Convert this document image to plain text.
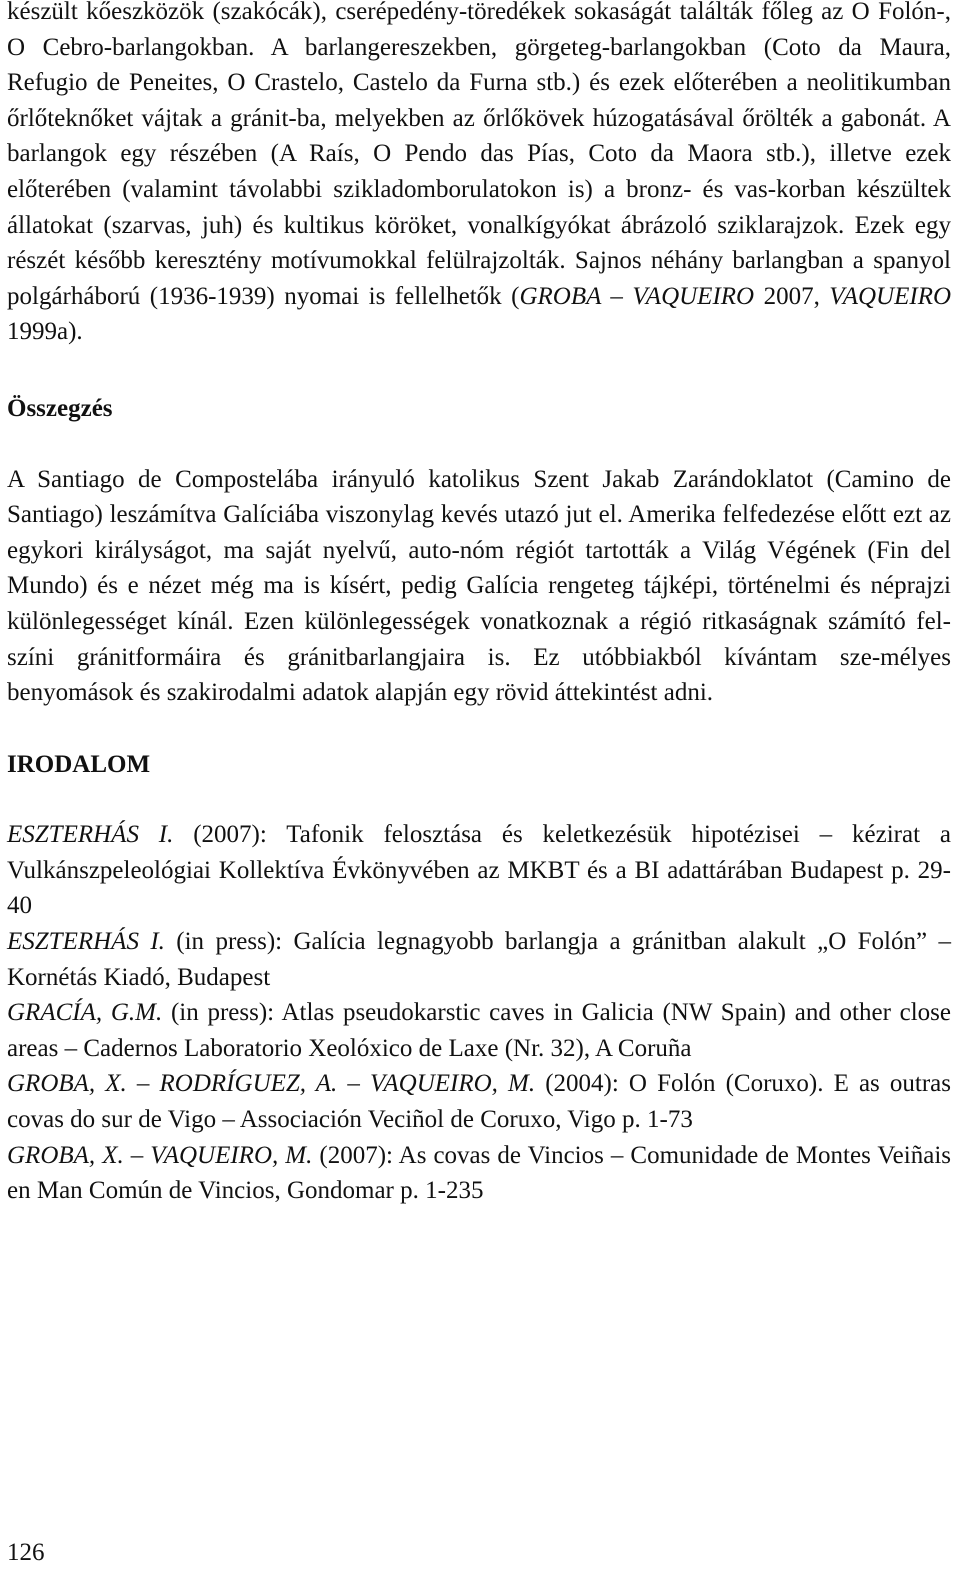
készült kőeszközök (szakócák), cserépedény-töredékek sokaságát találták főleg az O Folón-, O Cebro-barlangokban. A barlangereszekben, görgeteg-barlangokban (Coto da Maura, Refugio de Peneites, O Crastelo, Castelo da Furna stb.) és ezek előterében a neolitikumban őrlőteknőket vájtak a gránit-ba, melyekben az őrlőkövek húzogatásával őrölték a gabonát. A barlangok egy részében (A Raís, O Pendo das Pías, Coto da Maora stb.), illetve ezek előterében (valamint távolabbi szikladomborulatokon is) a bronz- és vas-korban készültek állatokat (szarvas, juh) és kultikus köröket, vonalkígyókat ábrázoló sziklarajzok. Ezek egy részét később keresztény motívumokkal felülrajzolták. Sajnos néhány barlangban a spanyol polgárháború (1936-1939) nyomai is fellelhetők (GROBA – VAQUEIRO 2007, VAQUEIRO 1999a).

Összegzés

A Santiago de Compostelába irányuló katolikus Szent Jakab Zarándoklatot (Camino de Santiago) leszámítva Galíciába viszonylag kevés utazó jut el. Amerika felfedezése előtt ezt az egykori királyságot, ma saját nyelvű, auto-nóm régiót tartották a Világ Végének (Fin del Mundo) és e nézet még ma is kísért, pedig Galícia rengeteg tájképi, történelmi és néprajzi különlegességet kínál. Ezen különlegességek vonatkoznak a régió ritkaságnak számító fel-színi gránitformáira és gránitbarlangjaira is. Ez utóbbiakból kívántam sze-mélyes benyomások és szakirodalmi adatok alapján egy rövid áttekintést adni.

IRODALOM

ESZTERHÁS I. (2007): Tafonik felosztása és keletkezésük hipotézisei – kézirat a Vulkánszpeleológiai Kollektíva Évkönyvében az MKBT és a BI adattárában Budapest p. 29-40

ESZTERHÁS I. (in press): Galícia legnagyobb barlangja a gránitban alakult „O Folón” – Kornétás Kiadó, Budapest

GRACÍA, G.M. (in press): Atlas pseudokarstic caves in Galicia (NW Spain) and other close areas – Cadernos Laboratorio Xeolóxico de Laxe (Nr. 32), A Coruña

GROBA, X. – RODRÍGUEZ, A. – VAQUEIRO, M. (2004): O Folón (Coruxo). E as outras covas do sur de Vigo – Associación Veciñol de Coruxo, Vigo p. 1-73

GROBA, X. – VAQUEIRO, M. (2007): As covas de Vincios – Comunidade de Montes Veiñais en Man Común de Vincios, Gondomar p. 1-235

126
